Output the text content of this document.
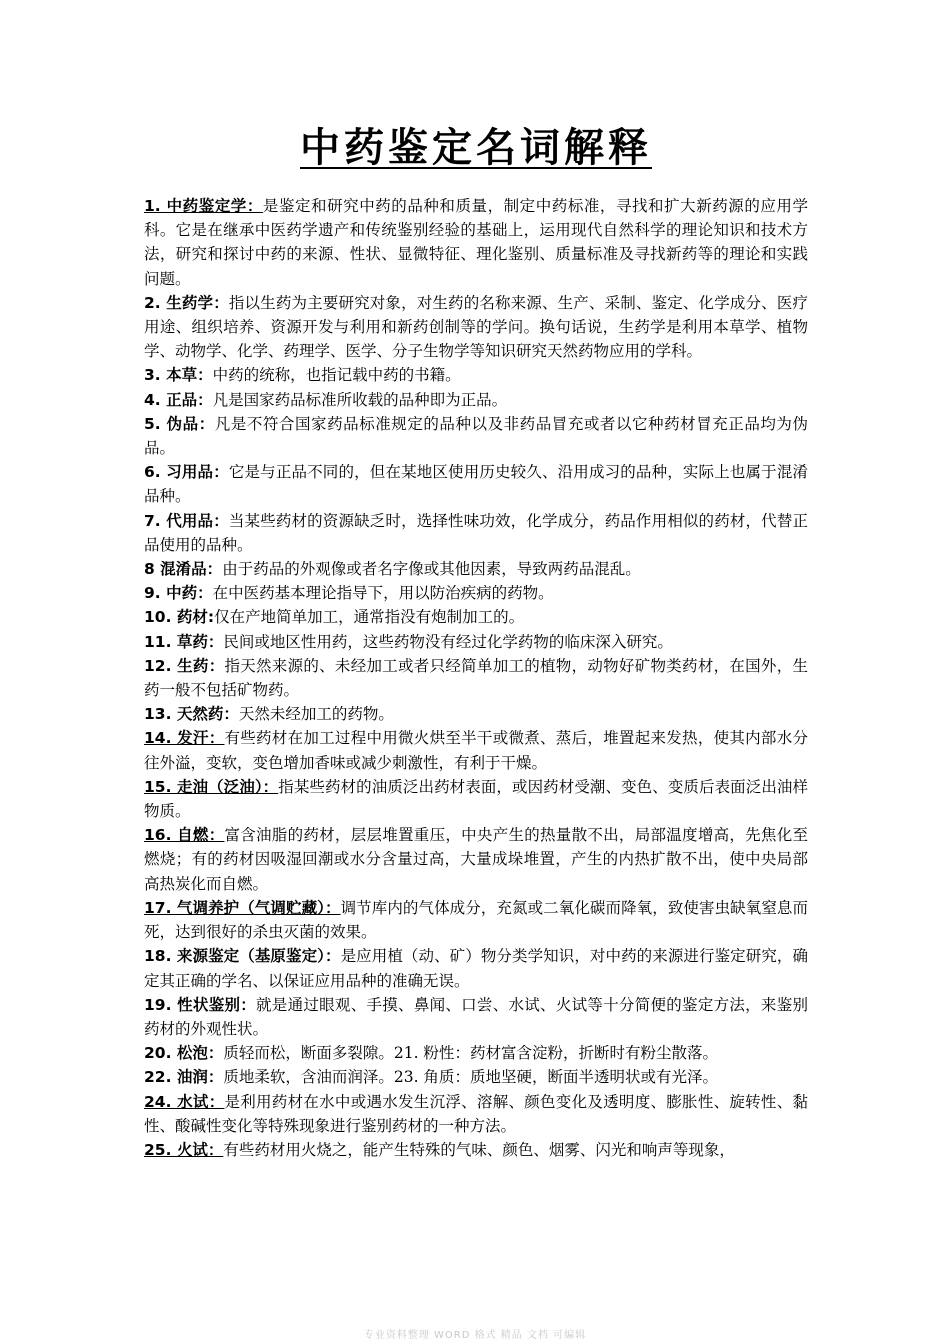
中药鉴定名词解释

1. 中药鉴定学：是鉴定和研究中药的品种和质量，制定中药标准，寻找和扩大新药源的应用学科。它是在继承中医药学遗产和传统鉴别经验的基础上，运用现代自然科学的理论知识和技术方法，研究和探讨中药的来源、性状、显微特征、理化鉴别、质量标准及寻找新药等的理论和实践问题。

2. 生药学：指以生药为主要研究对象，对生药的名称来源、生产、采制、鉴定、化学成分、医疗用途、组织培养、资源开发与利用和新药创制等的学问。换句话说，生药学是利用本草学、植物学、动物学、化学、药理学、医学、分子生物学等知识研究天然药物应用的学科。

3. 本草：中药的统称，也指记载中药的书籍。

4. 正品：凡是国家药品标准所收载的品种即为正品。

5. 伪品：凡是不符合国家药品标准规定的品种以及非药品冒充或者以它种药材冒充正品均为伪品。

6. 习用品：它是与正品不同的，但在某地区使用历史较久、沿用成习的品种，实际上也属于混淆品种。

7. 代用品：当某些药材的资源缺乏时，选择性味功效，化学成分，药品作用相似的药材，代替正品使用的品种。

8 混淆品：由于药品的外观像或者名字像或其他因素，导致两药品混乱。

9. 中药：在中医药基本理论指导下，用以防治疾病的药物。

10. 药材:仅在产地简单加工，通常指没有炮制加工的。

11. 草药：民间或地区性用药，这些药物没有经过化学药物的临床深入研究。

12. 生药：指天然来源的、未经加工或者只经简单加工的植物，动物好矿物类药材，在国外，生药一般不包括矿物药。

13. 天然药：天然未经加工的药物。

14. 发汗：有些药材在加工过程中用微火烘至半干或微煮、蒸后，堆置起来发热，使其内部水分往外溢，变软，变色增加香味或减少刺激性，有利于干燥。

15. 走油（泛油）：指某些药材的油质泛出药材表面，或因药材受潮、变色、变质后表面泛出油样物质。

16. 自燃：富含油脂的药材，层层堆置重压，中央产生的热量散不出，局部温度增高，先焦化至燃烧；有的药材因吸湿回潮或水分含量过高，大量成垛堆置，产生的内热扩散不出，使中央局部高热炭化而自燃。

17. 气调养护（气调贮藏）：调节库内的气体成分，充氮或二氧化碳而降氧，致使害虫缺氧窒息而死，达到很好的杀虫灭菌的效果。

18. 来源鉴定（基原鉴定）：是应用植（动、矿）物分类学知识，对中药的来源进行鉴定研究，确定其正确的学名、以保证应用品种的准确无误。

19. 性状鉴别：就是通过眼观、手摸、鼻闻、口尝、水试、火试等十分简便的鉴定方法，来鉴别药材的外观性状。

20. 松泡：质轻而松，断面多裂隙。21. 粉性：药材富含淀粉，折断时有粉尘散落。

22. 油润：质地柔软，含油而润泽。23. 角质：质地坚硬，断面半透明状或有光泽。

24. 水试：是利用药材在水中或遇水发生沉浮、溶解、颜色变化及透明度、膨胀性、旋转性、黏性、酸碱性变化等特殊现象进行鉴别药材的一种方法。

25. 火试：有些药材用火烧之，能产生特殊的气味、颜色、烟雾、闪光和响声等现象，

专业资料整理 WORD 格式 精品 文档 可编辑
